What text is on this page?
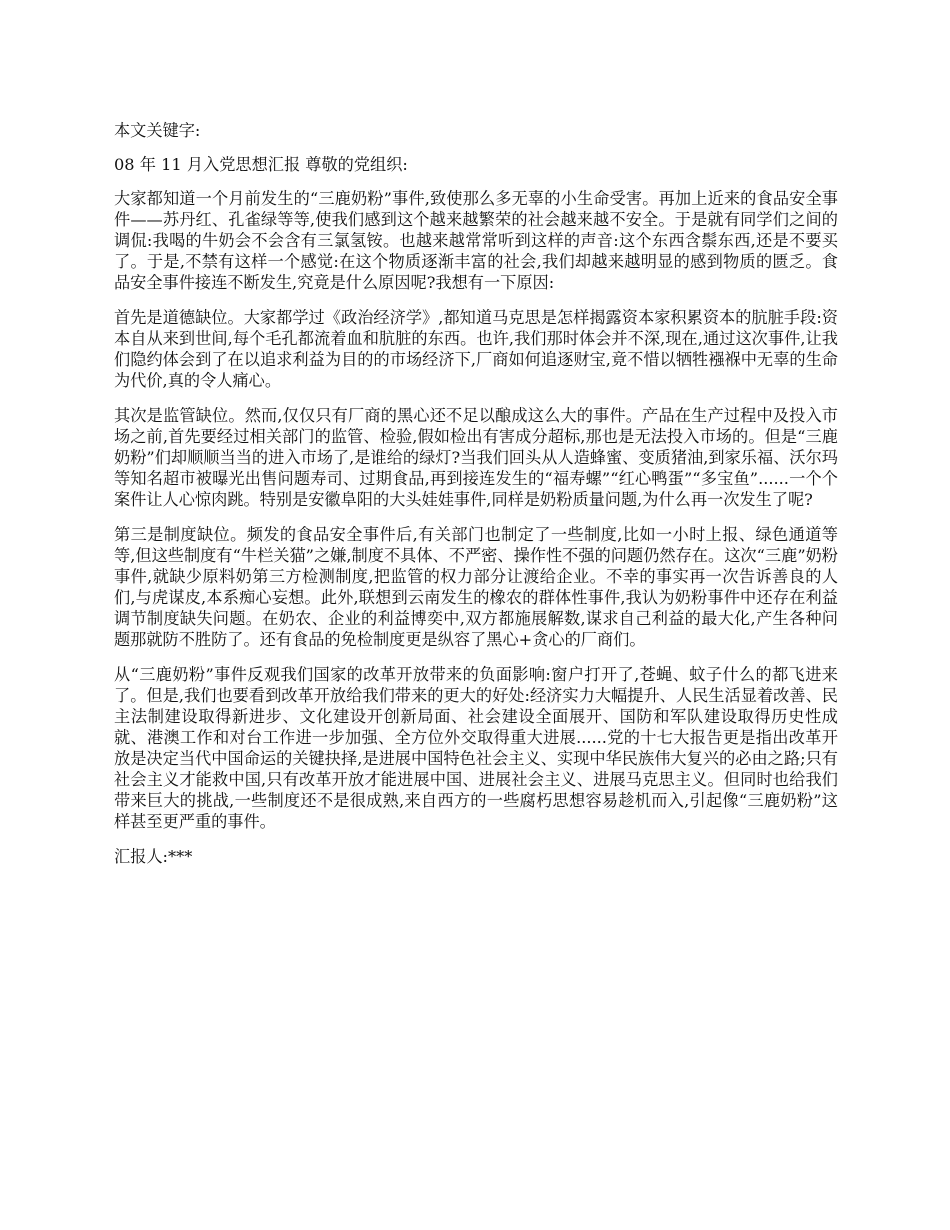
本文关键字:

08 年 11 月入党思想汇报 尊敬的党组织:

大家都知道一个月前发生的“三鹿奶粉”事件,致使那么多无辜的小生命受害。再加上近来的食品安全事件——苏丹红、孔雀绿等等,使我们感到这个越来越繁荣的社会越来越不安全。于是就有同学们之间的调侃:我喝的牛奶会不会含有三氯氢铵。也越来越常常听到这样的声音:这个东西含鬃东西,还是不要买了。于是,不禁有这样一个感觉:在这个物质逐渐丰富的社会,我们却越来越明显的感到物质的匮乏。食品安全事件接连不断发生,究竟是什么原因呢?我想有一下原因:

首先是道德缺位。大家都学过《政治经济学》,都知道马克思是怎样揭露资本家积累资本的肮脏手段:资本自从来到世间,每个毛孔都流着血和肮脏的东西。也许,我们那时体会并不深,现在,通过这次事件,让我们隐约体会到了在以追求利益为目的的市场经济下,厂商如何追逐财宝,竟不惜以牺牲襁褓中无辜的生命为代价,真的令人痛心。

其次是监管缺位。然而,仅仅只有厂商的黑心还不足以酿成这么大的事件。产品在生产过程中及投入市场之前,首先要经过相关部门的监管、检验,假如检出有害成分超标,那也是无法投入市场的。但是“三鹿奶粉”们却顺顺当当的进入市场了,是谁给的绿灯?当我们回头从人造蜂蜜、变质猪油,到家乐福、沃尔玛等知名超市被曝光出售问题寿司、过期食品,再到接连发生的“福寿螺”“红心鸭蛋”“多宝鱼”......一个个案件让人心惊肉跳。特别是安徽阜阳的大头娃娃事件,同样是奶粉质量问题,为什么再一次发生了呢?

第三是制度缺位。频发的食品安全事件后,有关部门也制定了一些制度,比如一小时上报、绿色通道等等,但这些制度有“牛栏关猫”之嫌,制度不具体、不严密、操作性不强的问题仍然存在。这次“三鹿”奶粉事件,就缺少原料奶第三方检测制度,把监管的权力部分让渡给企业。不幸的事实再一次告诉善良的人们,与虎谋皮,本系痴心妄想。此外,联想到云南发生的橡农的群体性事件,我认为奶粉事件中还存在利益调节制度缺失问题。在奶农、企业的利益博奕中,双方都施展解数,谋求自己利益的最大化,产生各种问题那就防不胜防了。还有食品的免检制度更是纵容了黑心+贪心的厂商们。

从“三鹿奶粉”事件反观我们国家的改革开放带来的负面影响:窗户打开了,苍蝇、蚊子什么的都飞进来了。但是,我们也要看到改革开放给我们带来的更大的好处:经济实力大幅提升、人民生活显着改善、民主法制建设取得新进步、文化建设开创新局面、社会建设全面展开、国防和军队建设取得历史性成就、港澳工作和对台工作进一步加强、全方位外交取得重大进展......党的十七大报告更是指出改革开放是决定当代中国命运的关键抉择,是进展中国特色社会主义、实现中华民族伟大复兴的必由之路;只有社会主义才能救中国,只有改革开放才能进展中国、进展社会主义、进展马克思主义。但同时也给我们带来巨大的挑战,一些制度还不是很成熟,来自西方的一些腐朽思想容易趁机而入,引起像“三鹿奶粉”这样甚至更严重的事件。

汇报人:***
